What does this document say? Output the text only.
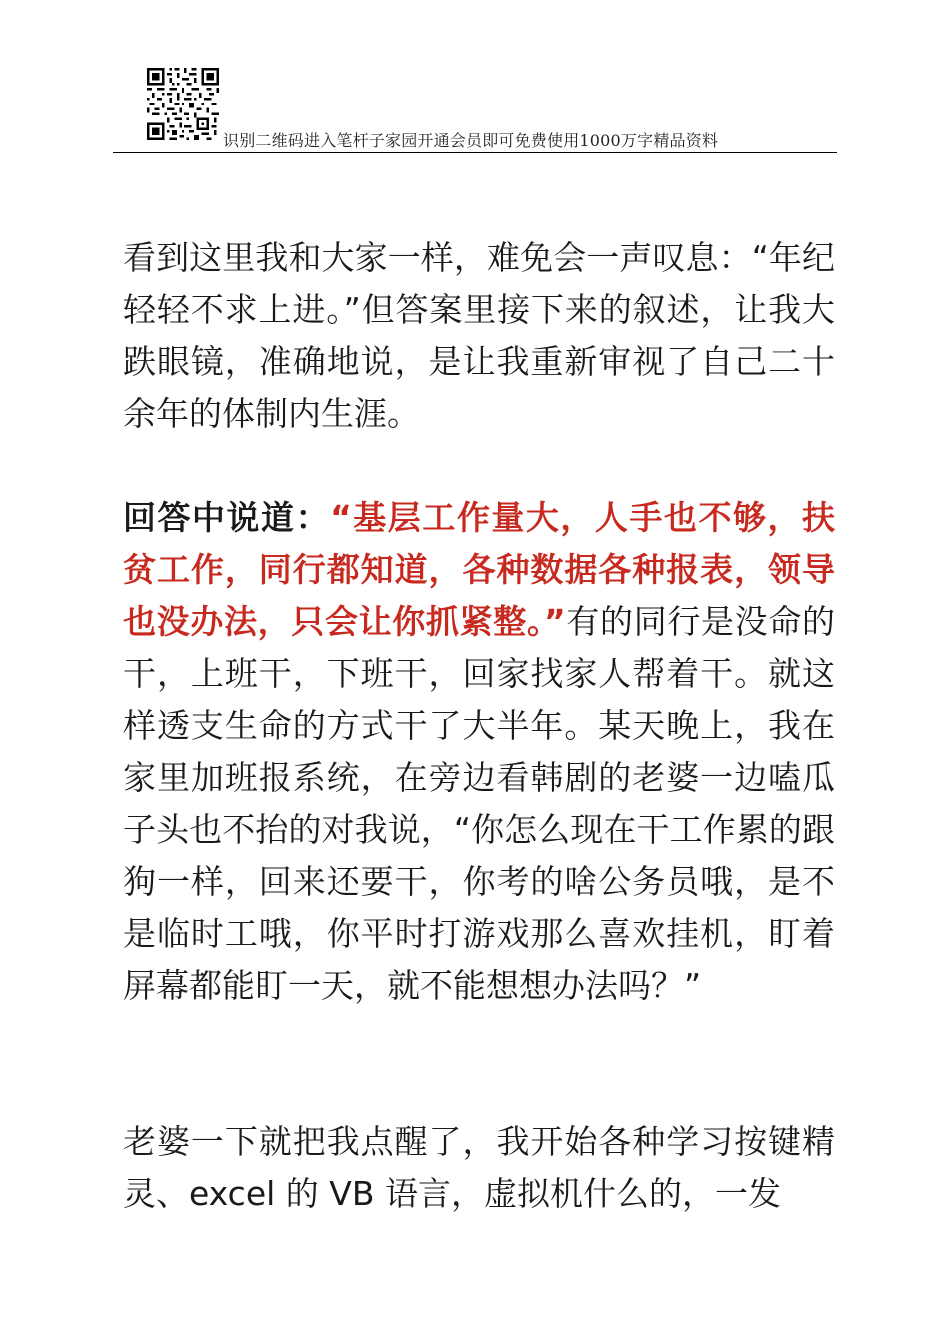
识别二维码进入笔杆子家园开通会员即可免费使用1000万字精品资料

看到这里我和大家一样，难免会一声叹息：“年纪轻轻不求上进。”但答案里接下来的叙述，让我大跌眼镜，准确地说，是让我重新审视了自己二十余年的体制内生涯。

回答中说道：“基层工作量大，人手也不够，扶贫工作，同行都知道，各种数据各种报表，领导也没办法，只会让你抓紧整。”有的同行是没命的干，上班干，下班干，回家找家人帮着干。就这样透支生命的方式干了大半年。某天晚上，我在家里加班报系统，在旁边看韩剧的老婆一边嗑瓜子头也不抬的对我说，“你怎么现在干工作累的跟狗一样，回来还要干，你考的啥公务员哦，是不是临时工哦，你平时打游戏那么喜欢挂机，盯着屏幕都能盯一天，就不能想想办法吗？”

老婆一下就把我点醒了，我开始各种学习按键精灵、excel 的 VB 语言，虚拟机什么的，一发
